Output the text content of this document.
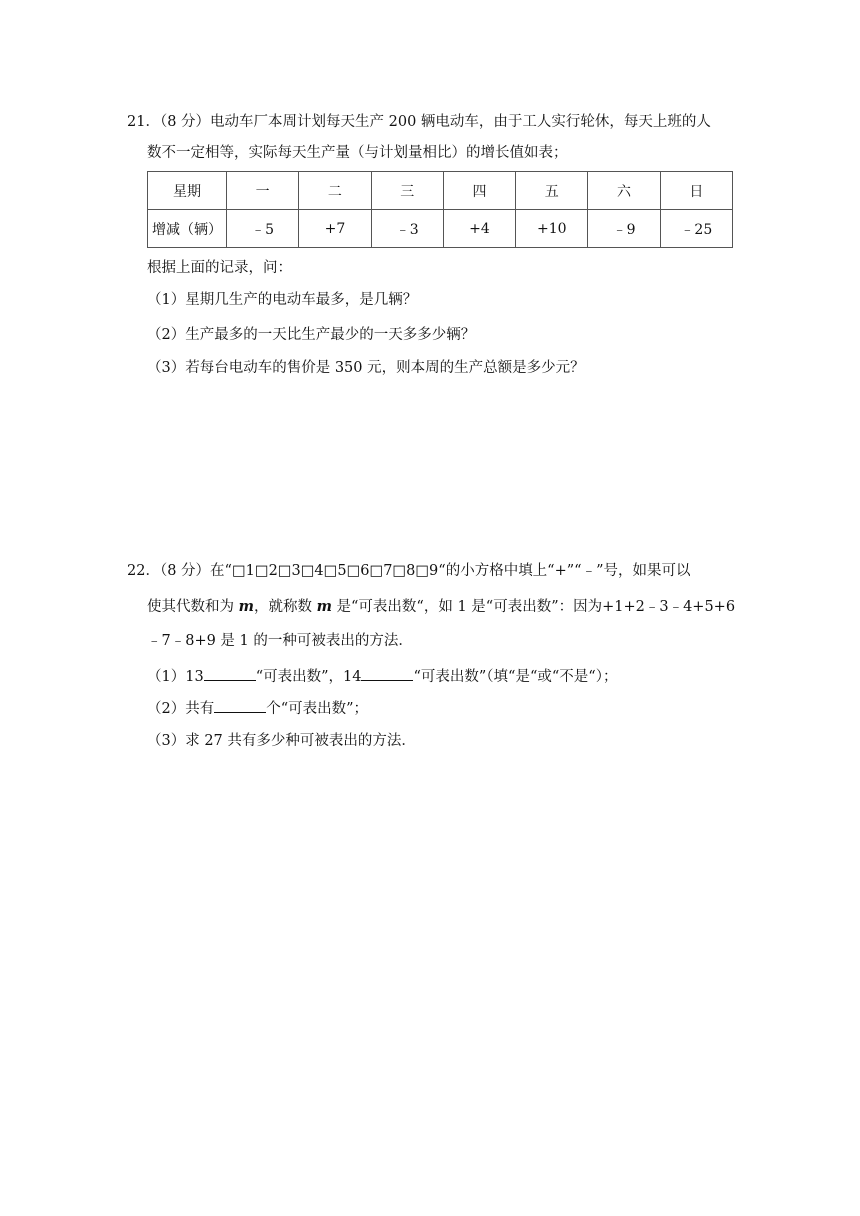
21．（8 分）电动车厂本周计划每天生产 200 辆电动车，由于工人实行轮休，每天上班的人
数不一定相等，实际每天生产量（与计划量相比）的增长值如表；
星期	一	二	三	四	五	六	日
增减（辆）	﹣5	+7	﹣3	+4	+10	﹣9	﹣25
根据上面的记录，问：
（1）星期几生产的电动车最多，是几辆？
（2）生产最多的一天比生产最少的一天多多少辆？
（3）若每台电动车的售价是 350 元，则本周的生产总额是多少元？
22．（8 分）在“□1□2□3□4□5□6□7□8□9“的小方格中填上“+”“﹣”号，如果可以
使其代数和为 m，就称数 m 是“可表出数“，如 1 是“可表出数”：因为+1+2﹣3﹣4+5+6
﹣7﹣8+9 是 1 的一种可被表出的方法．
（1）13	“可表出数”，14	“可表出数”（填“是“或“不是“）；
（2）共有	个“可表出数”；
（3）求 27 共有多少种可被表出的方法．
